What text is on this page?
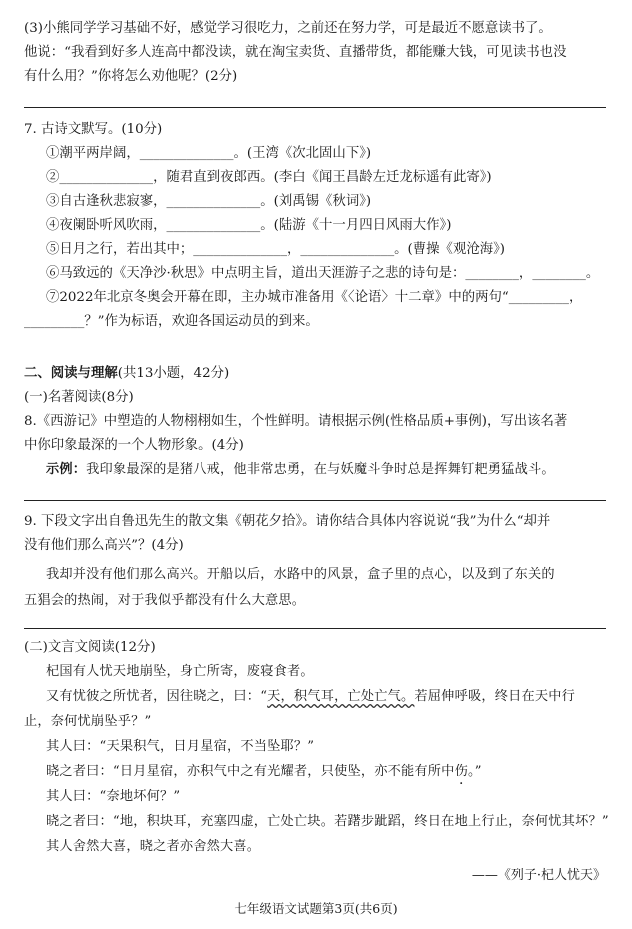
(3)小熊同学学习基础不好，感觉学习很吃力，之前还在努力学，可是最近不愿意读书了。

他说：“我看到好多人连高中都没读，就在淘宝卖货、直播带货，都能赚大钱，可见读书也没

有什么用？”你将怎么劝他呢？(2分)

7. 古诗文默写。(10分)

①潮平两岸阔，______________。(王湾《次北固山下》)

②______________，随君直到夜郎西。(李白《闻王昌龄左迁龙标遥有此寄》)

③自古逢秋悲寂寥，______________。(刘禹锡《秋词》)

④夜阑卧听风吹雨，______________。(陆游《十一月四日风雨大作》)

⑤日月之行，若出其中；______________，______________。(曹操《观沧海》)

⑥马致远的《天净沙·秋思》中点明主旨，道出天涯游子之悲的诗句是：________，________。

⑦2022年北京冬奥会开幕在即，主办城市准备用《〈论语〉十二章》中的两句“_________，

_________？”作为标语，欢迎各国运动员的到来。

二、阅读与理解(共13小题，42分)

(一)名著阅读(8分)

8.《西游记》中塑造的人物栩栩如生，个性鲜明。请根据示例(性格品质+事例)，写出该名著

中你印象最深的一个人物形象。(4分)

示例：我印象最深的是猪八戒，他非常忠勇，在与妖魔斗争时总是挥舞钉耙勇猛战斗。

9. 下段文字出自鲁迅先生的散文集《朝花夕拾》。请你结合具体内容说说“我”为什么“却并

没有他们那么高兴”？(4分)

我却并没有他们那么高兴。开船以后，水路中的风景，盒子里的点心，以及到了东关的

五猖会的热闹，对于我似乎都没有什么大意思。

(二)文言文阅读(12分)

杞国有人忧天地崩坠，身亡所寄，废寝食者。

又有忧彼之所忧者，因往晓之，曰：“天，积气耳，亡处亡气。若屈伸呼吸，终日在天中行

止，奈何忧崩坠乎？”

其人曰：“天果积气，日月星宿，不当坠耶？”

晓之者曰：“日月星宿，亦积气中之有光耀者，只使坠，亦不能有所中伤。”

其人曰：“奈地坏何？”

晓之者曰：“地，积块耳，充塞四虚，亡处亡块。若躇步跐蹈，终日在地上行止，奈何忧其坏？”

其人舍然大喜，晓之者亦舍然大喜。

——《列子·杞人忧天》
七年级语文试题第3页(共6页)
